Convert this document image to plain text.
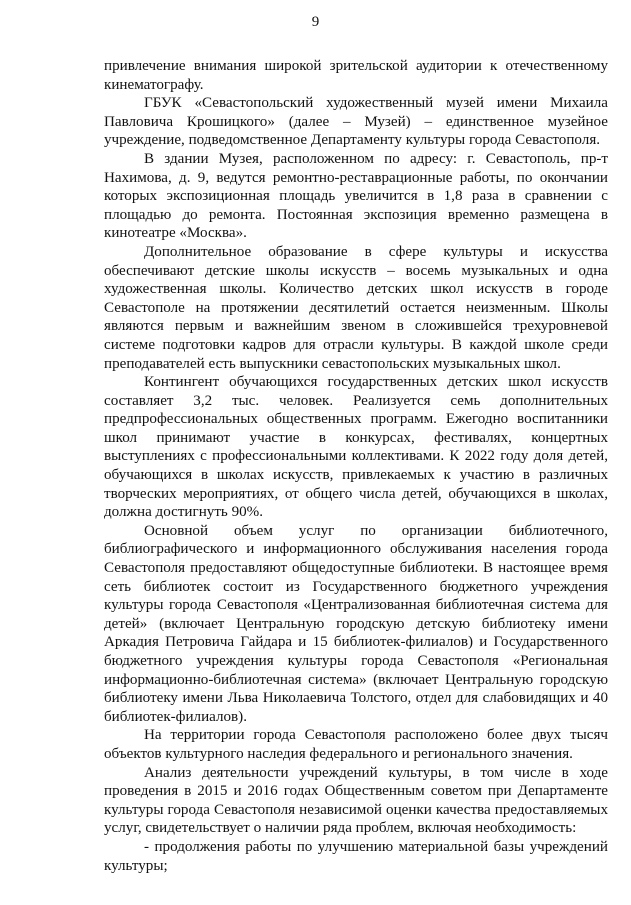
9

привлечение внимания широкой зрительской аудитории к отечественному кинематографу.

ГБУК «Севастопольский художественный музей имени Михаила Павловича Крошицкого» (далее – Музей) – единственное музейное учреждение, подведомственное Департаменту культуры города Севастополя.

В здании Музея, расположенном по адресу: г. Севастополь, пр-т Нахимова, д. 9, ведутся ремонтно-реставрационные работы, по окончании которых экспозиционная площадь увеличится в 1,8 раза в сравнении с площадью до ремонта. Постоянная экспозиция временно размещена в кинотеатре «Москва».

Дополнительное образование в сфере культуры и искусства обеспечивают детские школы искусств – восемь музыкальных и одна художественная школы. Количество детских школ искусств в городе Севастополе на протяжении десятилетий остается неизменным. Школы являются первым и важнейшим звеном в сложившейся трехуровневой системе подготовки кадров для отрасли культуры. В каждой школе среди преподавателей есть выпускники севастопольских музыкальных школ.

Контингент обучающихся государственных детских школ искусств составляет 3,2 тыс. человек. Реализуется семь дополнительных предпрофессиональных общественных программ. Ежегодно воспитанники школ принимают участие в конкурсах, фестивалях, концертных выступлениях с профессиональными коллективами. К 2022 году доля детей, обучающихся в школах искусств, привлекаемых к участию в различных творческих мероприятиях, от общего числа детей, обучающихся в школах, должна достигнуть 90%.

Основной объем услуг по организации библиотечного, библиографического и информационного обслуживания населения города Севастополя предоставляют общедоступные библиотеки. В настоящее время сеть библиотек состоит из Государственного бюджетного учреждения культуры города Севастополя «Централизованная библиотечная система для детей» (включает Центральную городскую детскую библиотеку имени Аркадия Петровича Гайдара и 15 библиотек-филиалов) и Государственного бюджетного учреждения культуры города Севастополя «Региональная информационно-библиотечная система» (включает Центральную городскую библиотеку имени Льва Николаевича Толстого, отдел для слабовидящих и 40 библиотек-филиалов).

На территории города Севастополя расположено более двух тысяч объектов культурного наследия федерального и регионального значения.

Анализ деятельности учреждений культуры, в том числе в ходе проведения в 2015 и 2016 годах Общественным советом при Департаменте культуры города Севастополя независимой оценки качества предоставляемых услуг, свидетельствует о наличии ряда проблем, включая необходимость:

- продолжения работы по улучшению материальной базы учреждений культуры;
